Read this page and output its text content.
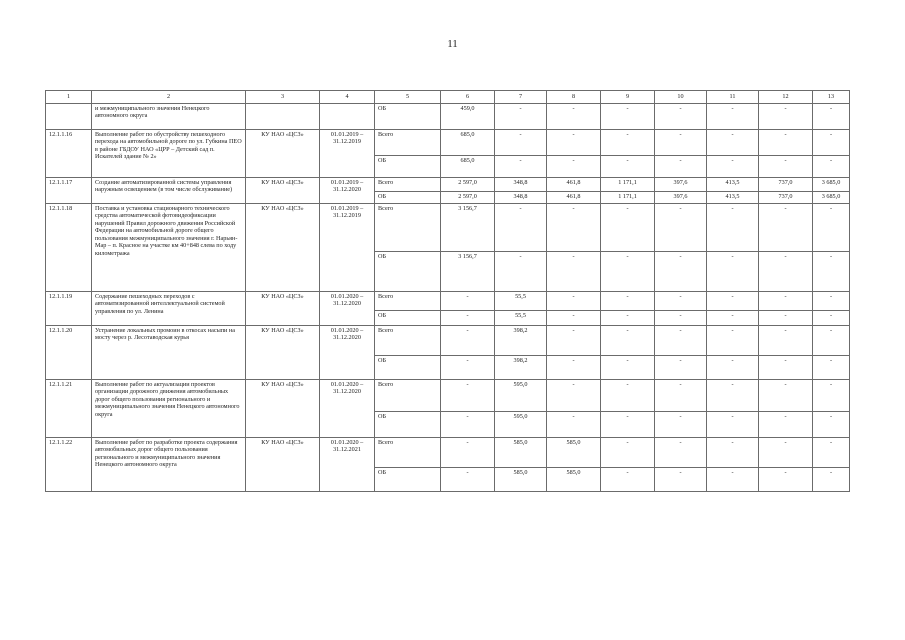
11
1	2	3	4	5	6	7	8	9	10	11	12	13
	и межмуниципального значения Ненецкого автономного округа			ОБ	459,0	-	-	-	-	-	-	-
12.1.1.16	Выполнение работ по обустройству пешеходного перехода на автомобильной дороге по ул. Губкина ПЕО в районе ГБДОУ НАО «ЦРР – Детский сад п. Искателей здание № 2»	КУ НАО «ЦСЗ»	01.01.2019 – 31.12.2019	Всего	685,0	-	-	-	-	-	-	-
				ОБ	685,0	-	-	-	-	-	-	-
12.1.1.17	Создание автоматизированной системы управления наружным освещением (в том числе обслуживание)	КУ НАО «ЦСЗ»	01.01.2019 – 31.12.2020	Всего	2 597,0	348,8	461,8	1 171,1	397,6	413,5	737,0	3 685,0
				ОБ	2 597,0	348,8	461,8	1 171,1	397,6	413,5	737,0	3 685,0
12.1.1.18	Поставка и установка стационарного технического средства автоматической фотовидеофиксации нарушений Правил дорожного движения Российской Федерации на автомобильной дороге общего пользования межмуниципального значения г. Нарьян-Мар – п. Красное на участке км 40+848 слева по ходу километража	КУ НАО «ЦСЗ»	01.01.2019 – 31.12.2019	Всего	3 156,7	-	-	-	-	-	-	-
				ОБ	3 156,7	-	-	-	-	-	-	-
12.1.1.19	Содержание пешеходных переходов с автоматизированной интеллектуальной системой управления по ул. Ленина	КУ НАО «ЦСЗ»	01.01.2020 – 31.12.2020	Всего	-	55,5	-	-	-	-	-	-
				ОБ	-	55,5	-	-	-	-	-	-
12.1.1.20	Устранение локальных промоин в откосах насыпи на мосту через р. Лесотаводская курья	КУ НАО «ЦСЗ»	01.01.2020 – 31.12.2020	Всего	-	398,2	-	-	-	-	-	-
				ОБ	-	398,2	-	-	-	-	-	-
12.1.1.21	Выполнение работ по актуализации проектов организации дорожного движения автомобильных дорог общего пользования регионального и межмуниципального значения Ненецкого автономного округа	КУ НАО «ЦСЗ»	01.01.2020 – 31.12.2020	Всего	-	595,0	-	-	-	-	-	-
				ОБ	-	595,0	-	-	-	-	-	-
12.1.1.22	Выполнение работ по разработке проекта содержания автомобильных дорог общего пользования регионального и межмуниципального значения Ненецкого автономного округа	КУ НАО «ЦСЗ»	01.01.2020 – 31.12.2021	Всего	-	585,0	585,0	-	-	-	-	-
				ОБ	-	585,0	585,0	-	-	-	-	-
